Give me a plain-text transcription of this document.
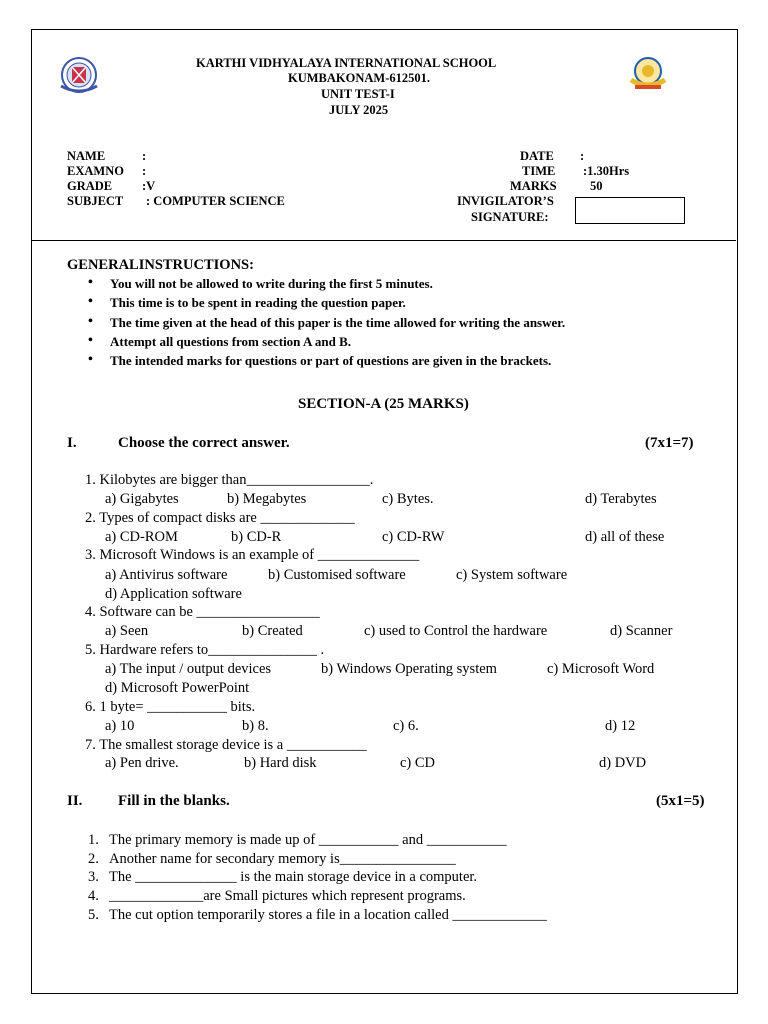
KARTHI VIDHYALAYA INTERNATIONAL SCHOOL
KUMBAKONAM-612501.
UNIT TEST-I
JULY 2025
NAME	:
EXAMNO :
GRADE :V
SUBJECT : COMPUTER SCIENCE
DATE :
TIME :1.30Hrs
MARKS	50
INVIGILATOR’S
SIGNATURE:
GENERALINSTRUCTIONS:
• You will not be allowed to write during the first 5 minutes.
• This time is to be spent in reading the question paper.
• The time given at the head of this paper is the time allowed for writing the answer.
• Attempt all questions from section A and B.
• The intended marks for questions or part of questions are given in the brackets.
SECTION-A (25 MARKS)
I.	Choose the correct answer.	(7x1=7)
1. Kilobytes are bigger than_________________.
a) Gigabytes	b) Megabytes	c) Bytes.	d) Terabytes
2. Types of compact disks are _____________
a) CD-ROM	b) CD-R	c) CD-RW	d) all of these
3. Microsoft Windows is an example of ______________
a) Antivirus software	b) Customised software	c) System software
d) Application software
4. Software can be _________________
a) Seen	b) Created	c) used to Control the hardware	d) Scanner
5. Hardware refers to_______________ .
a) The input / output devices	b) Windows Operating system	c) Microsoft Word
d) Microsoft PowerPoint
6. 1 byte= ___________ bits.
a) 10	b) 8.	c) 6.	d) 12
7. The smallest storage device is a ___________
a) Pen drive.	b) Hard disk	c) CD	d) DVD
II. Fill in the blanks.	(5x1=5)
1. The primary memory is made up of ___________ and ___________
2. Another name for secondary memory is________________
3. The ______________ is the main storage device in a computer.
4. _____________are Small pictures which represent programs.
5. The cut option temporarily stores a file in a location called _____________
